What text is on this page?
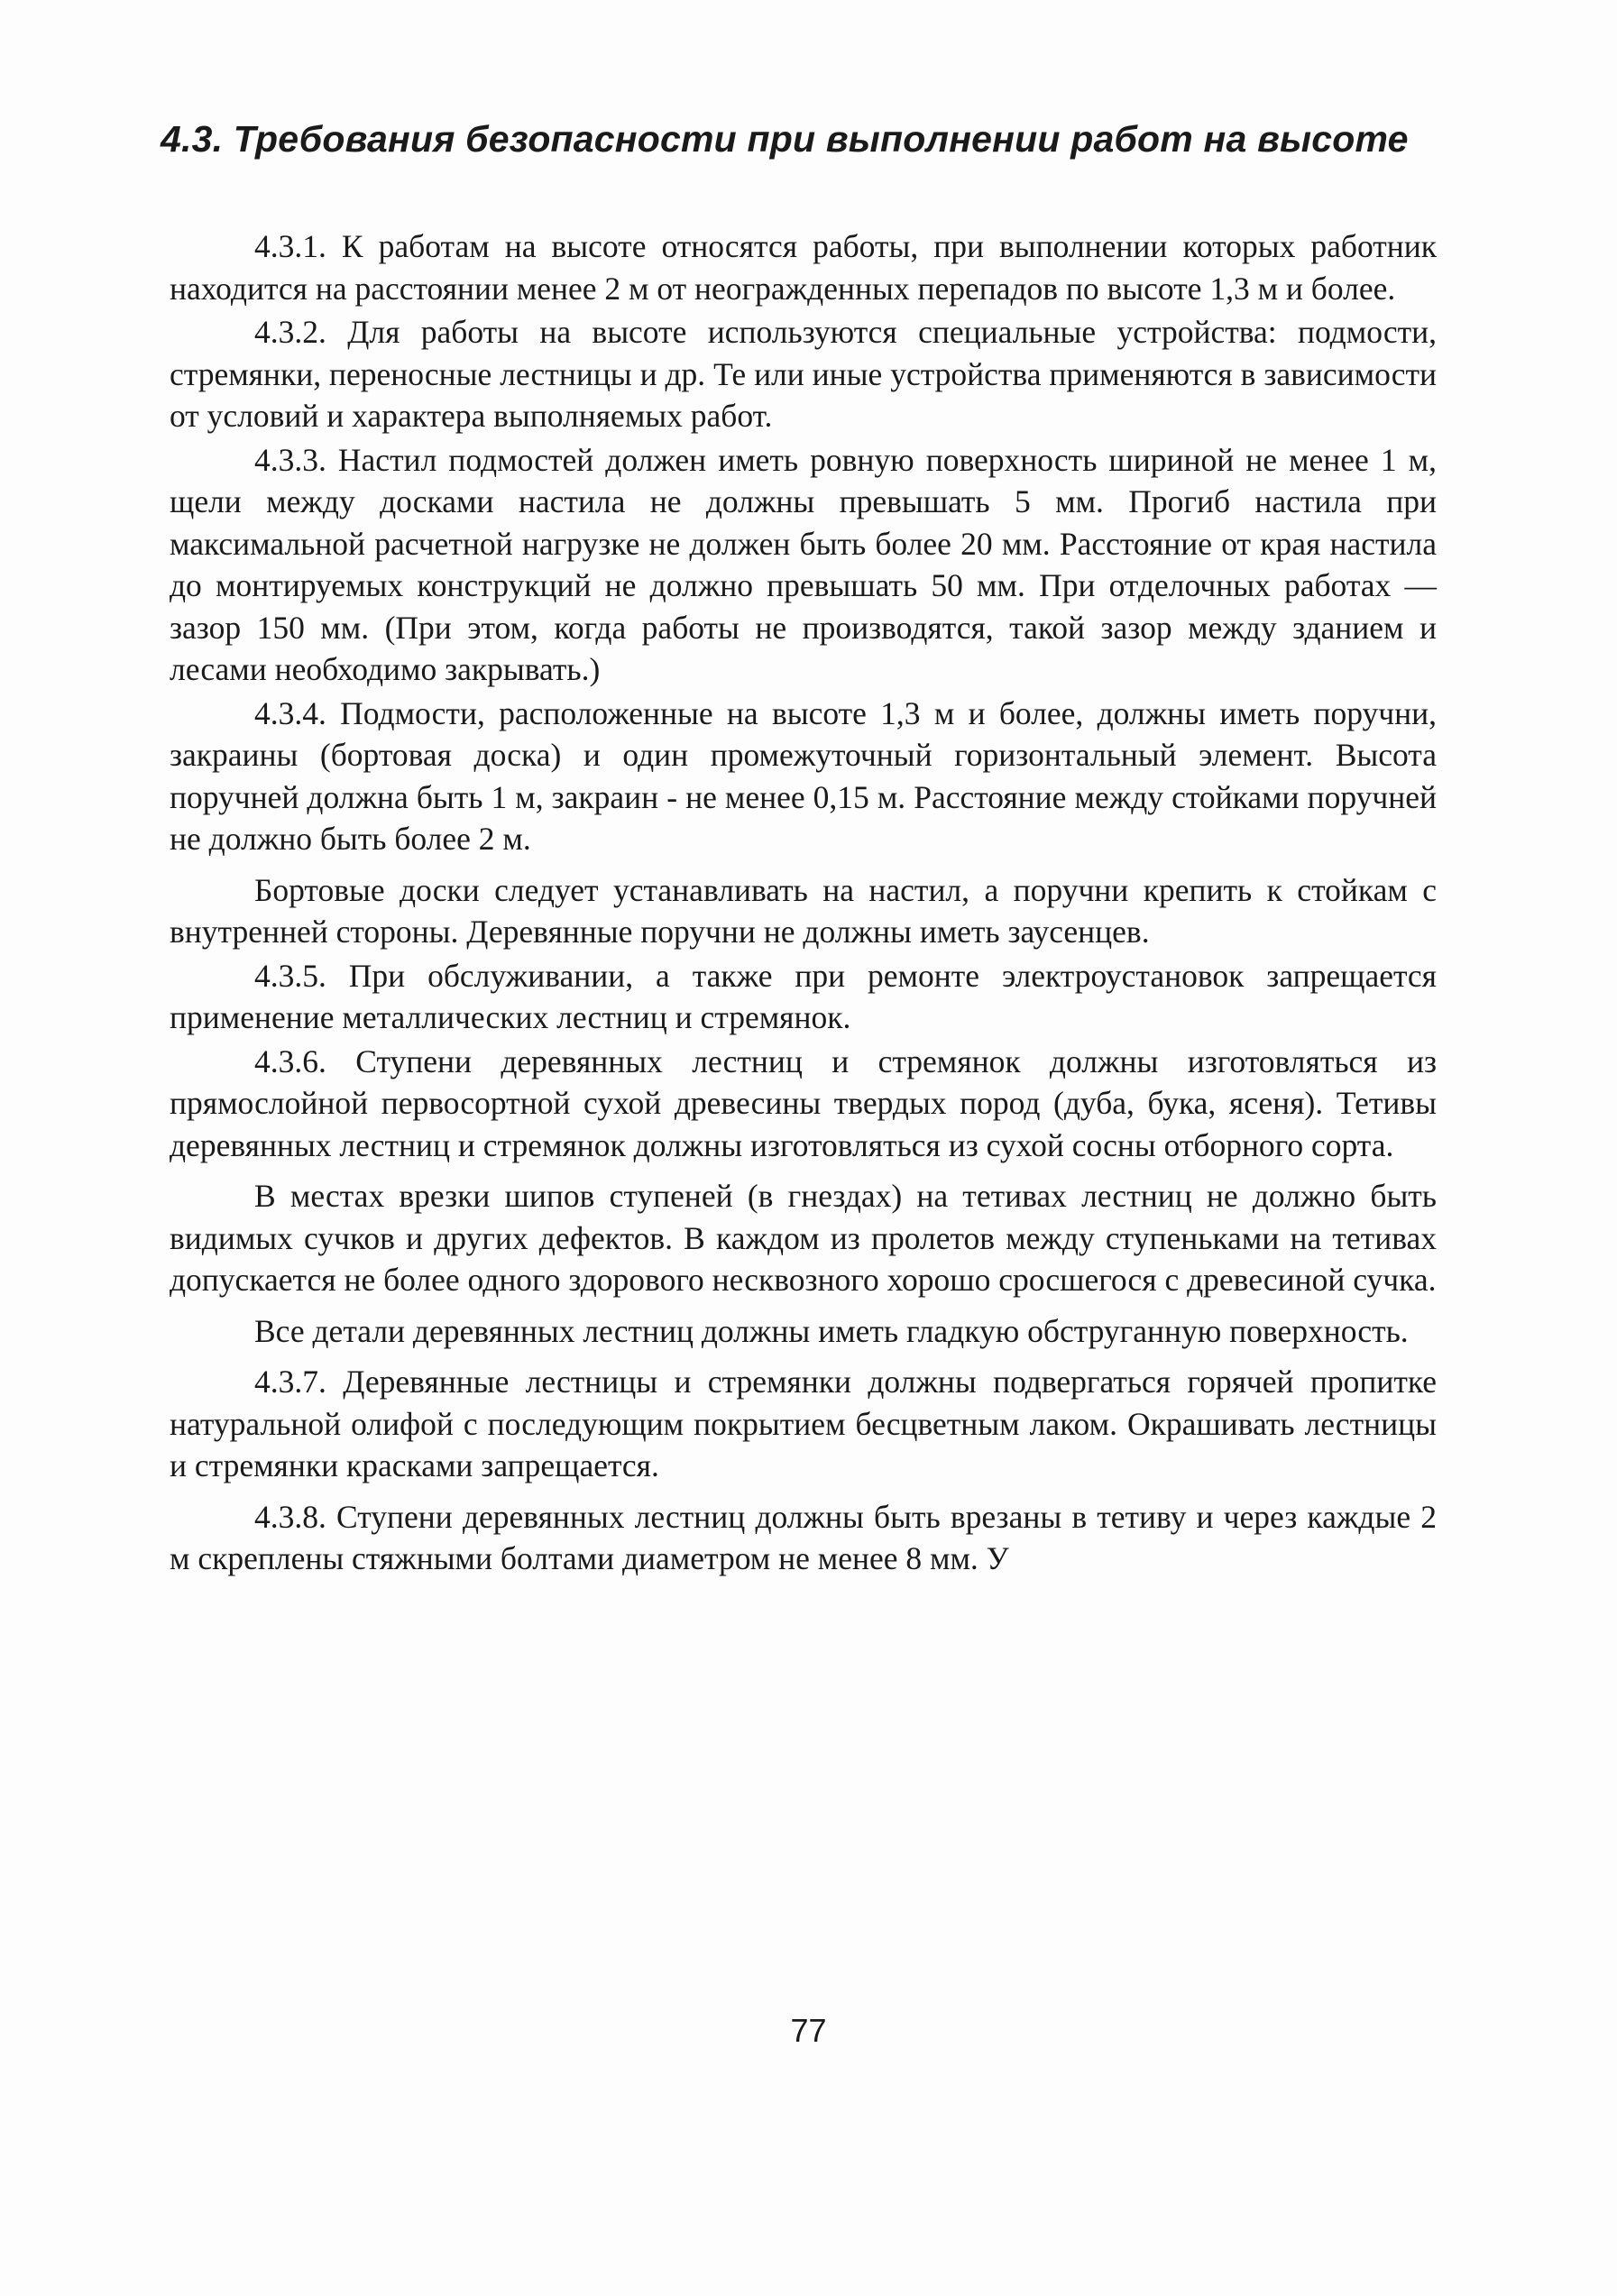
4.3. Требования безопасности при выполнении работ на высоте

4.3.1. К работам на высоте относятся работы, при выполнении которых работник находится на расстоянии менее 2 м от неогражденных перепадов по высоте 1,3 м и более.

4.3.2. Для работы на высоте используются специальные устройства: подмости, стремянки, переносные лестницы и др. Те или иные устройства применяются в зависимости от условий и характера выполняемых работ.

4.3.3. Настил подмостей должен иметь ровную поверхность шириной не менее 1 м, щели между досками настила не должны превышать 5 мм. Прогиб настила при максимальной расчетной нагрузке не должен быть более 20 мм. Расстояние от края настила до монтируемых конструкций не должно превышать 50 мм. При отделочных работах — зазор 150 мм. (При этом, когда работы не производятся, такой зазор между зданием и лесами необходимо закрывать.)

4.3.4. Подмости, расположенные на высоте 1,3 м и более, должны иметь поручни, закраины (бортовая доска) и один промежуточный горизонтальный элемент. Высота поручней должна быть 1 м, закраин - не менее 0,15 м. Расстояние между стойками поручней не должно быть более 2 м.

Бортовые доски следует устанавливать на настил, а поручни крепить к стойкам с внутренней стороны. Деревянные поручни не должны иметь заусенцев.

4.3.5. При обслуживании, а также при ремонте электроустановок запрещается применение металлических лестниц и стремянок.

4.3.6. Ступени деревянных лестниц и стремянок должны изготовляться из прямослойной первосортной сухой древесины твердых пород (дуба, бука, ясеня). Тетивы деревянных лестниц и стремянок должны изготовляться из сухой сосны отборного сорта.

В местах врезки шипов ступеней (в гнездах) на тетивах лестниц не должно быть видимых сучков и других дефектов. В каждом из пролетов между ступеньками на тетивах допускается не более одного здорового несквозного хорошо сросшегося с древесиной сучка.

Все детали деревянных лестниц должны иметь гладкую обструганную поверхность.

4.3.7. Деревянные лестницы и стремянки должны подвергаться горячей пропитке натуральной олифой с последующим покрытием бесцветным лаком. Окрашивать лестницы и стремянки красками запрещается.

4.3.8. Ступени деревянных лестниц должны быть врезаны в тетиву и через каждые 2 м скреплены стяжными болтами диаметром не менее 8 мм. У

77
